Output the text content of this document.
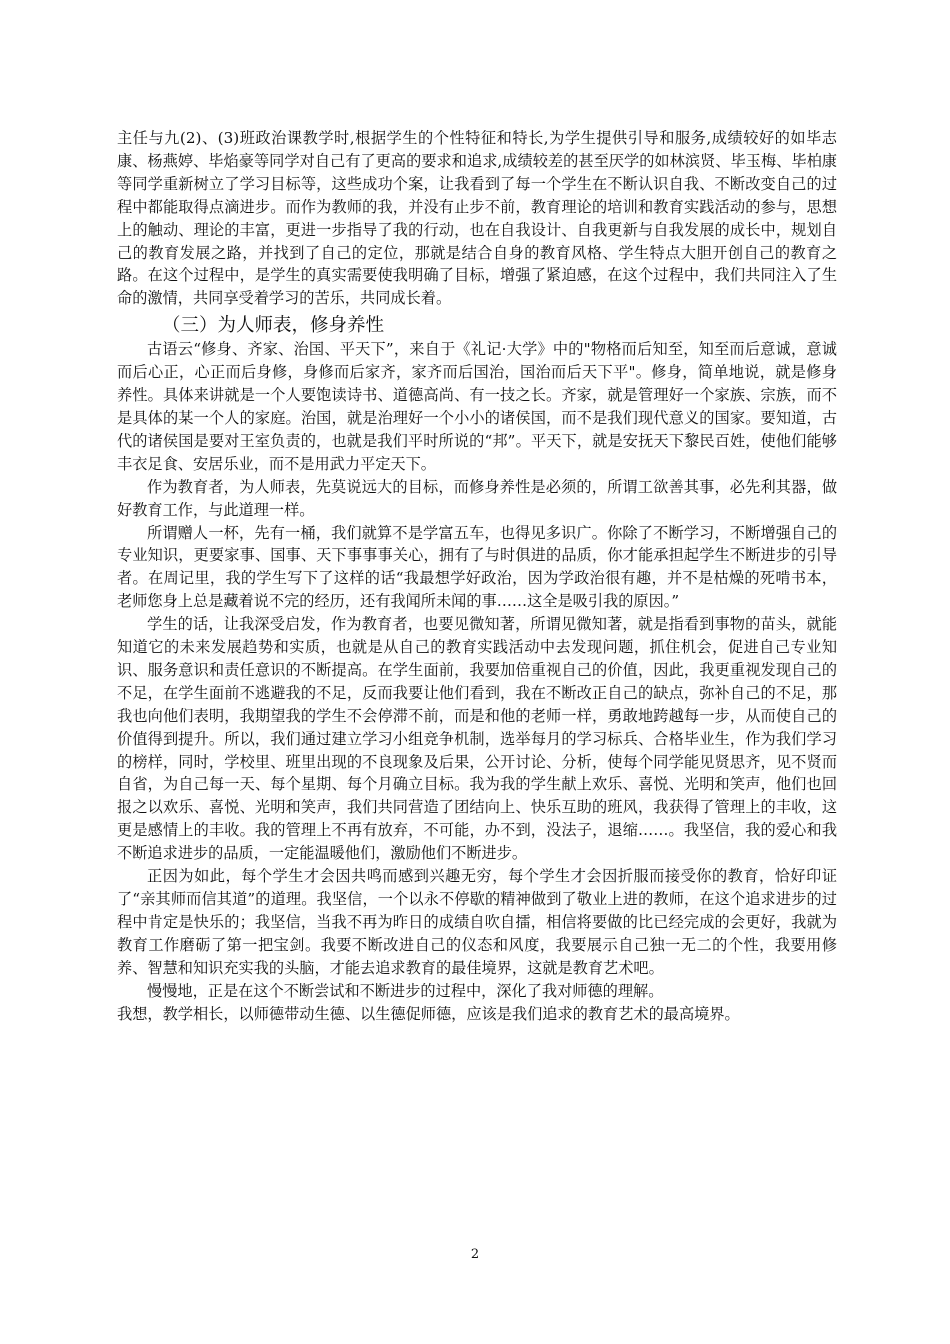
主任与九(2)、(3)班政治课教学时,根据学生的个性特征和特长,为学生提供引导和服务,成绩较好的如毕志康、杨燕婷、毕焰豪等同学对自己有了更高的要求和追求,成绩较差的甚至厌学的如林滨贤、毕玉梅、毕柏康等同学重新树立了学习目标等，这些成功个案，让我看到了每一个学生在不断认识自我、不断改变自己的过程中都能取得点滴进步。而作为教师的我，并没有止步不前，教育理论的培训和教育实践活动的参与，思想上的触动、理论的丰富，更进一步指导了我的行动，也在自我设计、自我更新与自我发展的成长中，规划自己的教育发展之路，并找到了自己的定位，那就是结合自身的教育风格、学生特点大胆开创自己的教育之路。在这个过程中，是学生的真实需要使我明确了目标，增强了紧迫感，在这个过程中，我们共同注入了生命的激情，共同享受着学习的苦乐，共同成长着。

（三）为人师表，修身养性

古语云“修身、齐家、治国、平天下”，来自于《礼记·大学》中的"物格而后知至，知至而后意诚，意诚而后心正，心正而后身修，身修而后家齐，家齐而后国治，国治而后天下平"。修身，简单地说，就是修身养性。具体来讲就是一个人要饱读诗书、道德高尚、有一技之长。齐家，就是管理好一个家族、宗族，而不是具体的某一个人的家庭。治国，就是治理好一个小小的诸侯国，而不是我们现代意义的国家。要知道，古代的诸侯国是要对王室负责的，也就是我们平时所说的“邦”。平天下，就是安抚天下黎民百姓，使他们能够丰衣足食、安居乐业，而不是用武力平定天下。

作为教育者，为人师表，先莫说远大的目标，而修身养性是必须的，所谓工欲善其事，必先利其器，做好教育工作，与此道理一样。

所谓赠人一杯，先有一桶，我们就算不是学富五车，也得见多识广。你除了不断学习，不断增强自己的专业知识，更要家事、国事、天下事事事关心，拥有了与时俱进的品质，你才能承担起学生不断进步的引导者。在周记里，我的学生写下了这样的话“我最想学好政治，因为学政治很有趣，并不是枯燥的死啃书本，老师您身上总是藏着说不完的经历，还有我闻所未闻的事……这全是吸引我的原因。”

学生的话，让我深受启发，作为教育者，也要见微知著，所谓见微知著，就是指看到事物的苗头，就能知道它的未来发展趋势和实质，也就是从自己的教育实践活动中去发现问题，抓住机会，促进自己专业知识、服务意识和责任意识的不断提高。在学生面前，我要加倍重视自己的价值，因此，我更重视发现自己的不足，在学生面前不逃避我的不足，反而我要让他们看到，我在不断改正自己的缺点，弥补自己的不足，那我也向他们表明，我期望我的学生不会停滞不前，而是和他的老师一样，勇敢地跨越每一步，从而使自己的价值得到提升。所以，我们通过建立学习小组竞争机制，选举每月的学习标兵、合格毕业生，作为我们学习的榜样，同时，学校里、班里出现的不良现象及后果，公开讨论、分析，使每个同学能见贤思齐，见不贤而自省，为自己每一天、每个星期、每个月确立目标。我为我的学生献上欢乐、喜悦、光明和笑声，他们也回报之以欢乐、喜悦、光明和笑声，我们共同营造了团结向上、快乐互助的班风，我获得了管理上的丰收，这更是感情上的丰收。我的管理上不再有放弃，不可能，办不到，没法子，退缩……。我坚信，我的爱心和我不断追求进步的品质，一定能温暖他们，激励他们不断进步。

正因为如此，每个学生才会因共鸣而感到兴趣无穷，每个学生才会因折服而接受你的教育，恰好印证了“亲其师而信其道”的道理。我坚信，一个以永不停歇的精神做到了敬业上进的教师，在这个追求进步的过程中肯定是快乐的；我坚信，当我不再为昨日的成绩自吹自擂，相信将要做的比已经完成的会更好，我就为教育工作磨砺了第一把宝剑。我要不断改进自己的仪态和风度，我要展示自己独一无二的个性，我要用修养、智慧和知识充实我的头脑，才能去追求教育的最佳境界，这就是教育艺术吧。

慢慢地，正是在这个不断尝试和不断进步的过程中，深化了我对师德的理解。

我想，教学相长，以师德带动生德、以生德促师德，应该是我们追求的教育艺术的最高境界。

2
